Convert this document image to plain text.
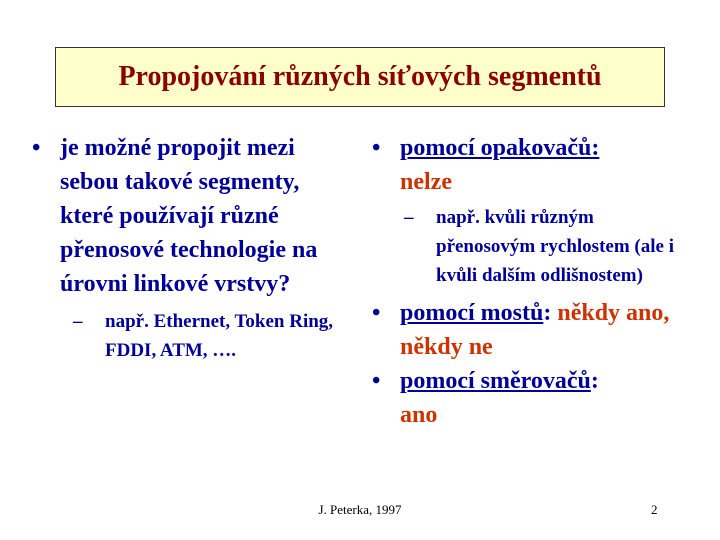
Propojování různých síťových segmentů
• je možné propojit mezi sebou takové segmenty, které používají různé přenosové technologie na úrovni linkové vrstvy?
– např. Ethernet, Token Ring, FDDI, ATM, ….
• pomocí opakovačů:
nelze
– např. kvůli různým přenosovým rychlostem (ale i kvůli dalším odlišnostem)
• pomocí mostů: někdy ano, někdy ne
• pomocí směrovačů:
ano
J. Peterka, 1997	2
